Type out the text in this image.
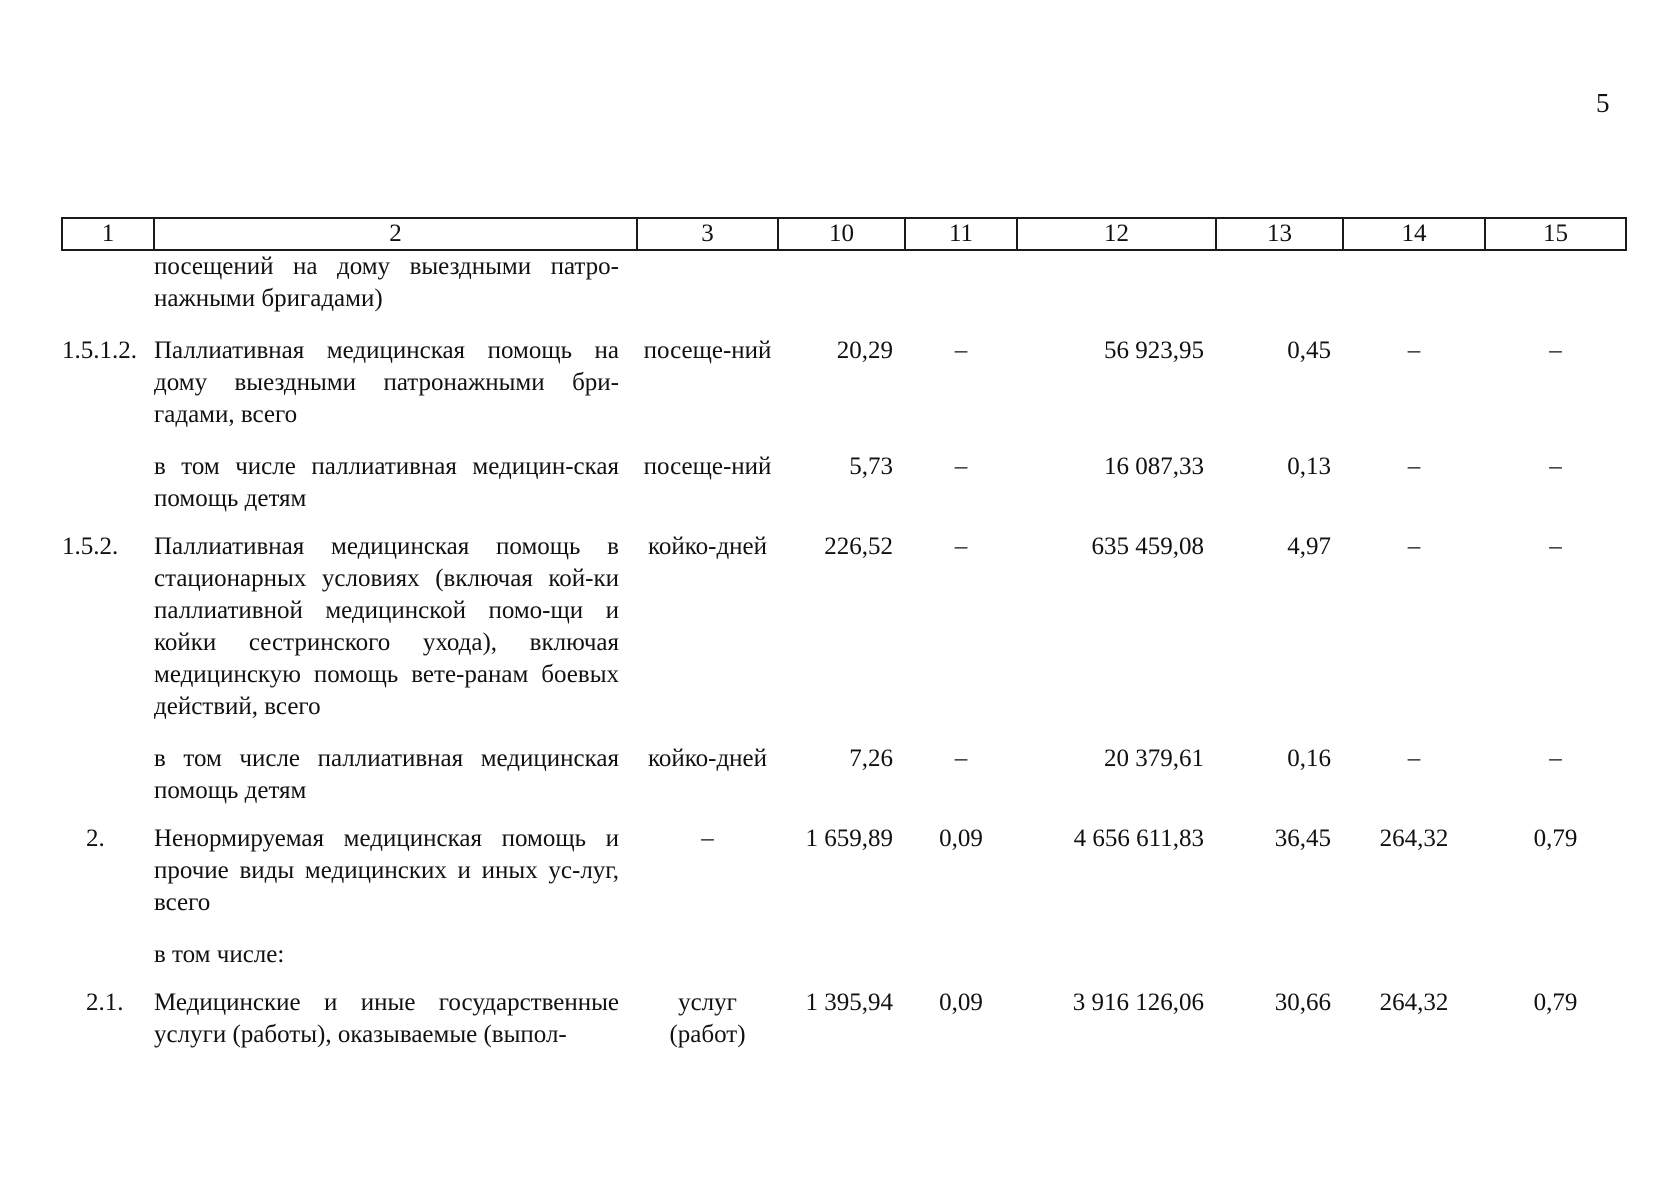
5
1	2	3	10	11	12	13	14	15
	посещений на дому выездными патро-нажными бригадами)							
1.5.1.2.	Паллиативная медицинская помощь на дому выездными патронажными бри-гадами, всего	посеще-ний	20,29	–	56 923,95	0,45	–	–
	в том числе паллиативная медицин-ская помощь детям	посеще-ний	5,73	–	16 087,33	0,13	–	–
1.5.2.	Паллиативная медицинская помощь в стационарных условиях (включая кой-ки паллиативной медицинской помо-щи и койки сестринского ухода), включая медицинскую помощь вете-ранам боевых действий, всего	койко-дней	226,52	–	635 459,08	4,97	–	–
	в том числе паллиативная медицинская помощь детям	койко-дней	7,26	–	20 379,61	0,16	–	–
2.	Ненормируемая медицинская помощь и прочие виды медицинских и иных ус-луг, всего	–	1 659,89	0,09	4 656 611,83	36,45	264,32	0,79
	в том числе:							
2.1.	Медицинские и иные государственные услуги (работы), оказываемые (выпол-	услуг (работ)	1 395,94	0,09	3 916 126,06	30,66	264,32	0,79
